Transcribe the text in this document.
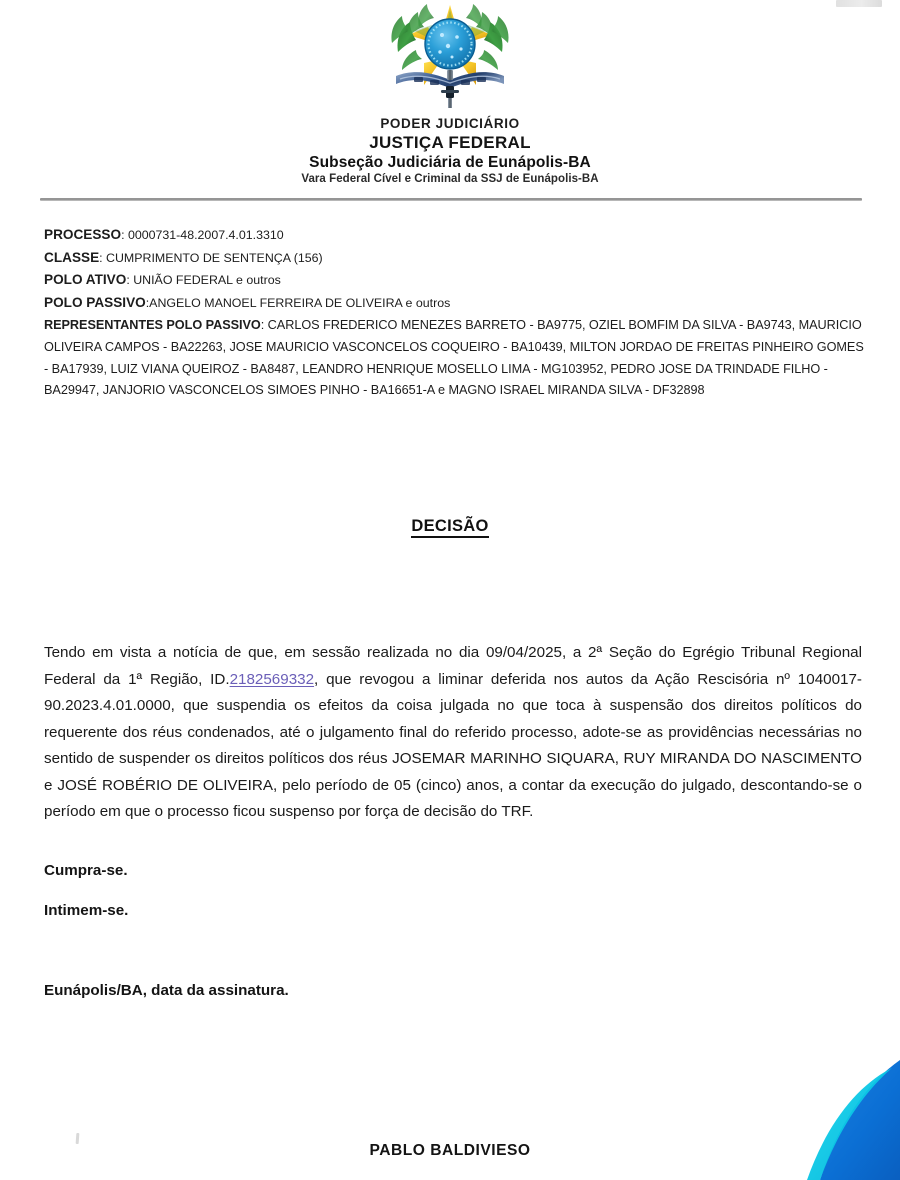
PODER JUDICIÁRIO
JUSTIÇA FEDERAL
Subseção Judiciária de Eunápolis-BA
Vara Federal Cível e Criminal da SSJ de Eunápolis-BA
PROCESSO: 0000731-48.2007.4.01.3310
CLASSE: CUMPRIMENTO DE SENTENÇA (156)
POLO ATIVO: UNIÃO FEDERAL e outros
POLO PASSIVO:ANGELO MANOEL FERREIRA DE OLIVEIRA e outros
REPRESENTANTES POLO PASSIVO: CARLOS FREDERICO MENEZES BARRETO - BA9775, OZIEL BOMFIM DA SILVA - BA9743, MAURICIO OLIVEIRA CAMPOS - BA22263, JOSE MAURICIO VASCONCELOS COQUEIRO - BA10439, MILTON JORDAO DE FREITAS PINHEIRO GOMES - BA17939, LUIZ VIANA QUEIROZ - BA8487, LEANDRO HENRIQUE MOSELLO LIMA - MG103952, PEDRO JOSE DA TRINDADE FILHO - BA29947, JANJORIO VASCONCELOS SIMOES PINHO - BA16651-A e MAGNO ISRAEL MIRANDA SILVA - DF32898
DECISÃO
Tendo em vista a notícia de que, em sessão realizada no dia 09/04/2025, a 2ª Seção do Egrégio Tribunal Regional Federal da 1ª Região, ID.2182569332, que revogou a liminar deferida nos autos da Ação Rescisória nº 1040017-90.2023.4.01.0000, que suspendia os efeitos da coisa julgada no que toca à suspensão dos direitos políticos do requerente dos réus condenados, até o julgamento final do referido processo, adote-se as providências necessárias no sentido de suspender os direitos políticos dos réus JOSEMAR MARINHO SIQUARA, RUY MIRANDA DO NASCIMENTO e JOSÉ ROBÉRIO DE OLIVEIRA, pelo período de 05 (cinco) anos, a contar da execução do julgado, descontando-se o período em que o processo ficou suspenso por força de decisão do TRF.
Cumpra-se.
Intimem-se.
Eunápolis/BA, data da assinatura.
PABLO BALDIVIESO
